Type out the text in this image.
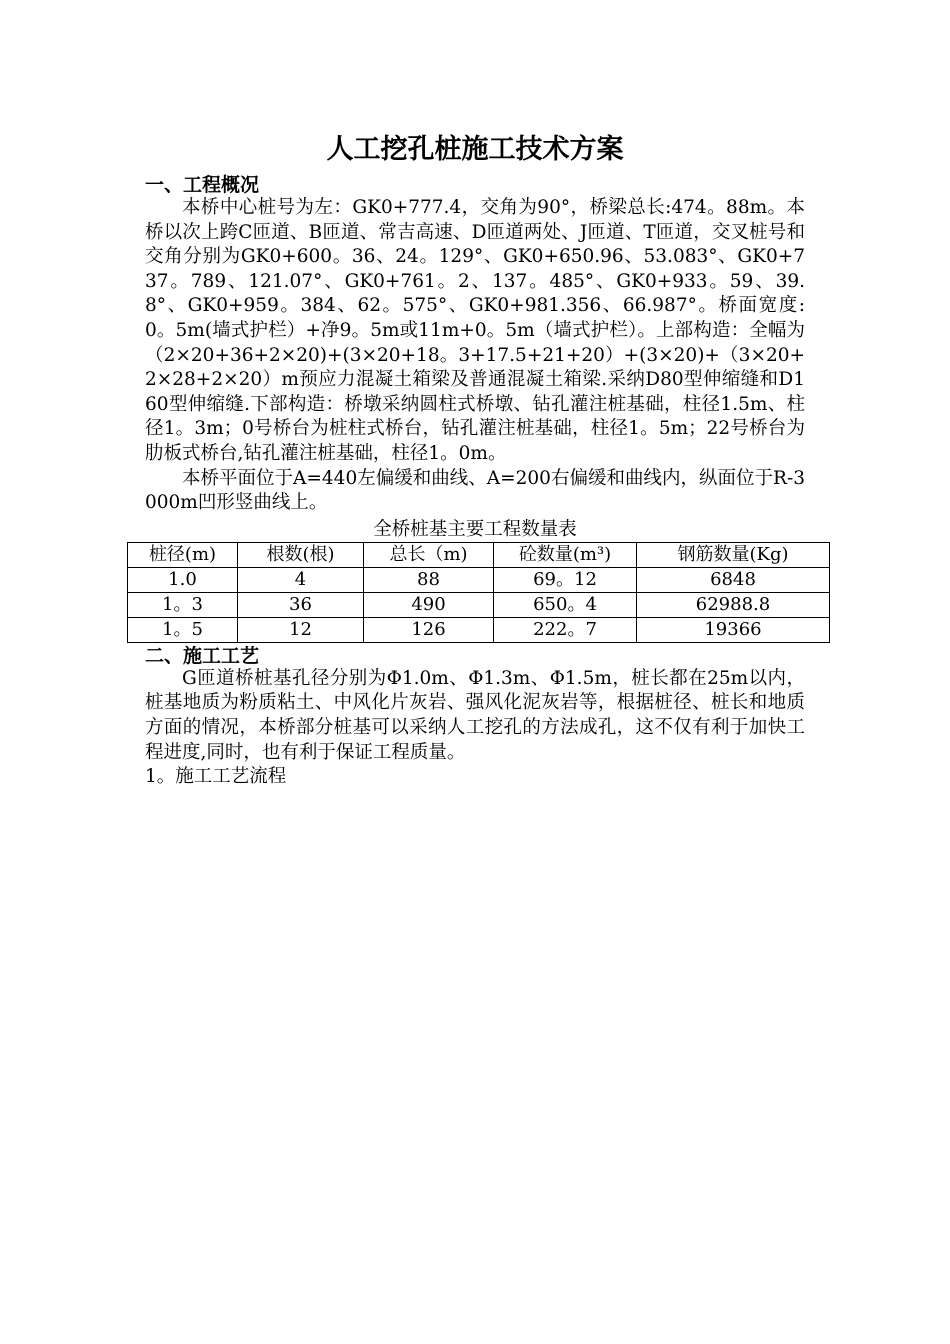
人工挖孔桩施工技术方案
一、工程概况

本桥中心桩号为左：GK0+777.4，交角为90°，桥梁总长:474。88m。本桥以次上跨C匝道、B匝道、常吉高速、D匝道两处、J匝道、T匝道，交叉桩号和交角分别为GK0+600。36、24。129°、GK0+650.96、53.083°、GK0+737。789、121.07°、GK0+761。2、137。485°、GK0+933。59、39.8°、GK0+959。384、62。575°、GK0+981.356、66.987°。桥面宽度:0。5m(墙式护栏）+净9。5m或11m+0。5m（墙式护栏）。上部构造：全幅为（2×20+36+2×20)+(3×20+18。3+17.5+21+20）+(3×20)+（3×20+2×28+2×20）m预应力混凝土箱梁及普通混凝土箱梁.采纳D80型伸缩缝和D160型伸缩缝.下部构造：桥墩采纳圆柱式桥墩、钻孔灌注桩基础，柱径1.5m、柱径1。3m；0号桥台为桩柱式桥台，钻孔灌注桩基础，柱径1。5m；22号桥台为肋板式桥台,钻孔灌注桩基础，柱径1。0m。

本桥平面位于A=440左偏缓和曲线、A=200右偏缓和曲线内，纵面位于R-3000m凹形竖曲线上。

全桥桩基主要工程数量表
桩径(m)	根数(根)	总长（m)	砼数量(m³)	钢筋数量(Kg)
1.0	4	88	69。12	6848
1。3	36	490	650。4	62988.8
1。5	12	126	222。7	19366
二、施工工艺

G匝道桥桩基孔径分别为Φ1.0m、Φ1.3m、Φ1.5m，桩长都在25m以内，桩基地质为粉质粘土、中风化片灰岩、强风化泥灰岩等，根据桩径、桩长和地质方面的情况，本桥部分桩基可以采纳人工挖孔的方法成孔，这不仅有利于加快工程进度,同时，也有利于保证工程质量。

1。施工工艺流程
